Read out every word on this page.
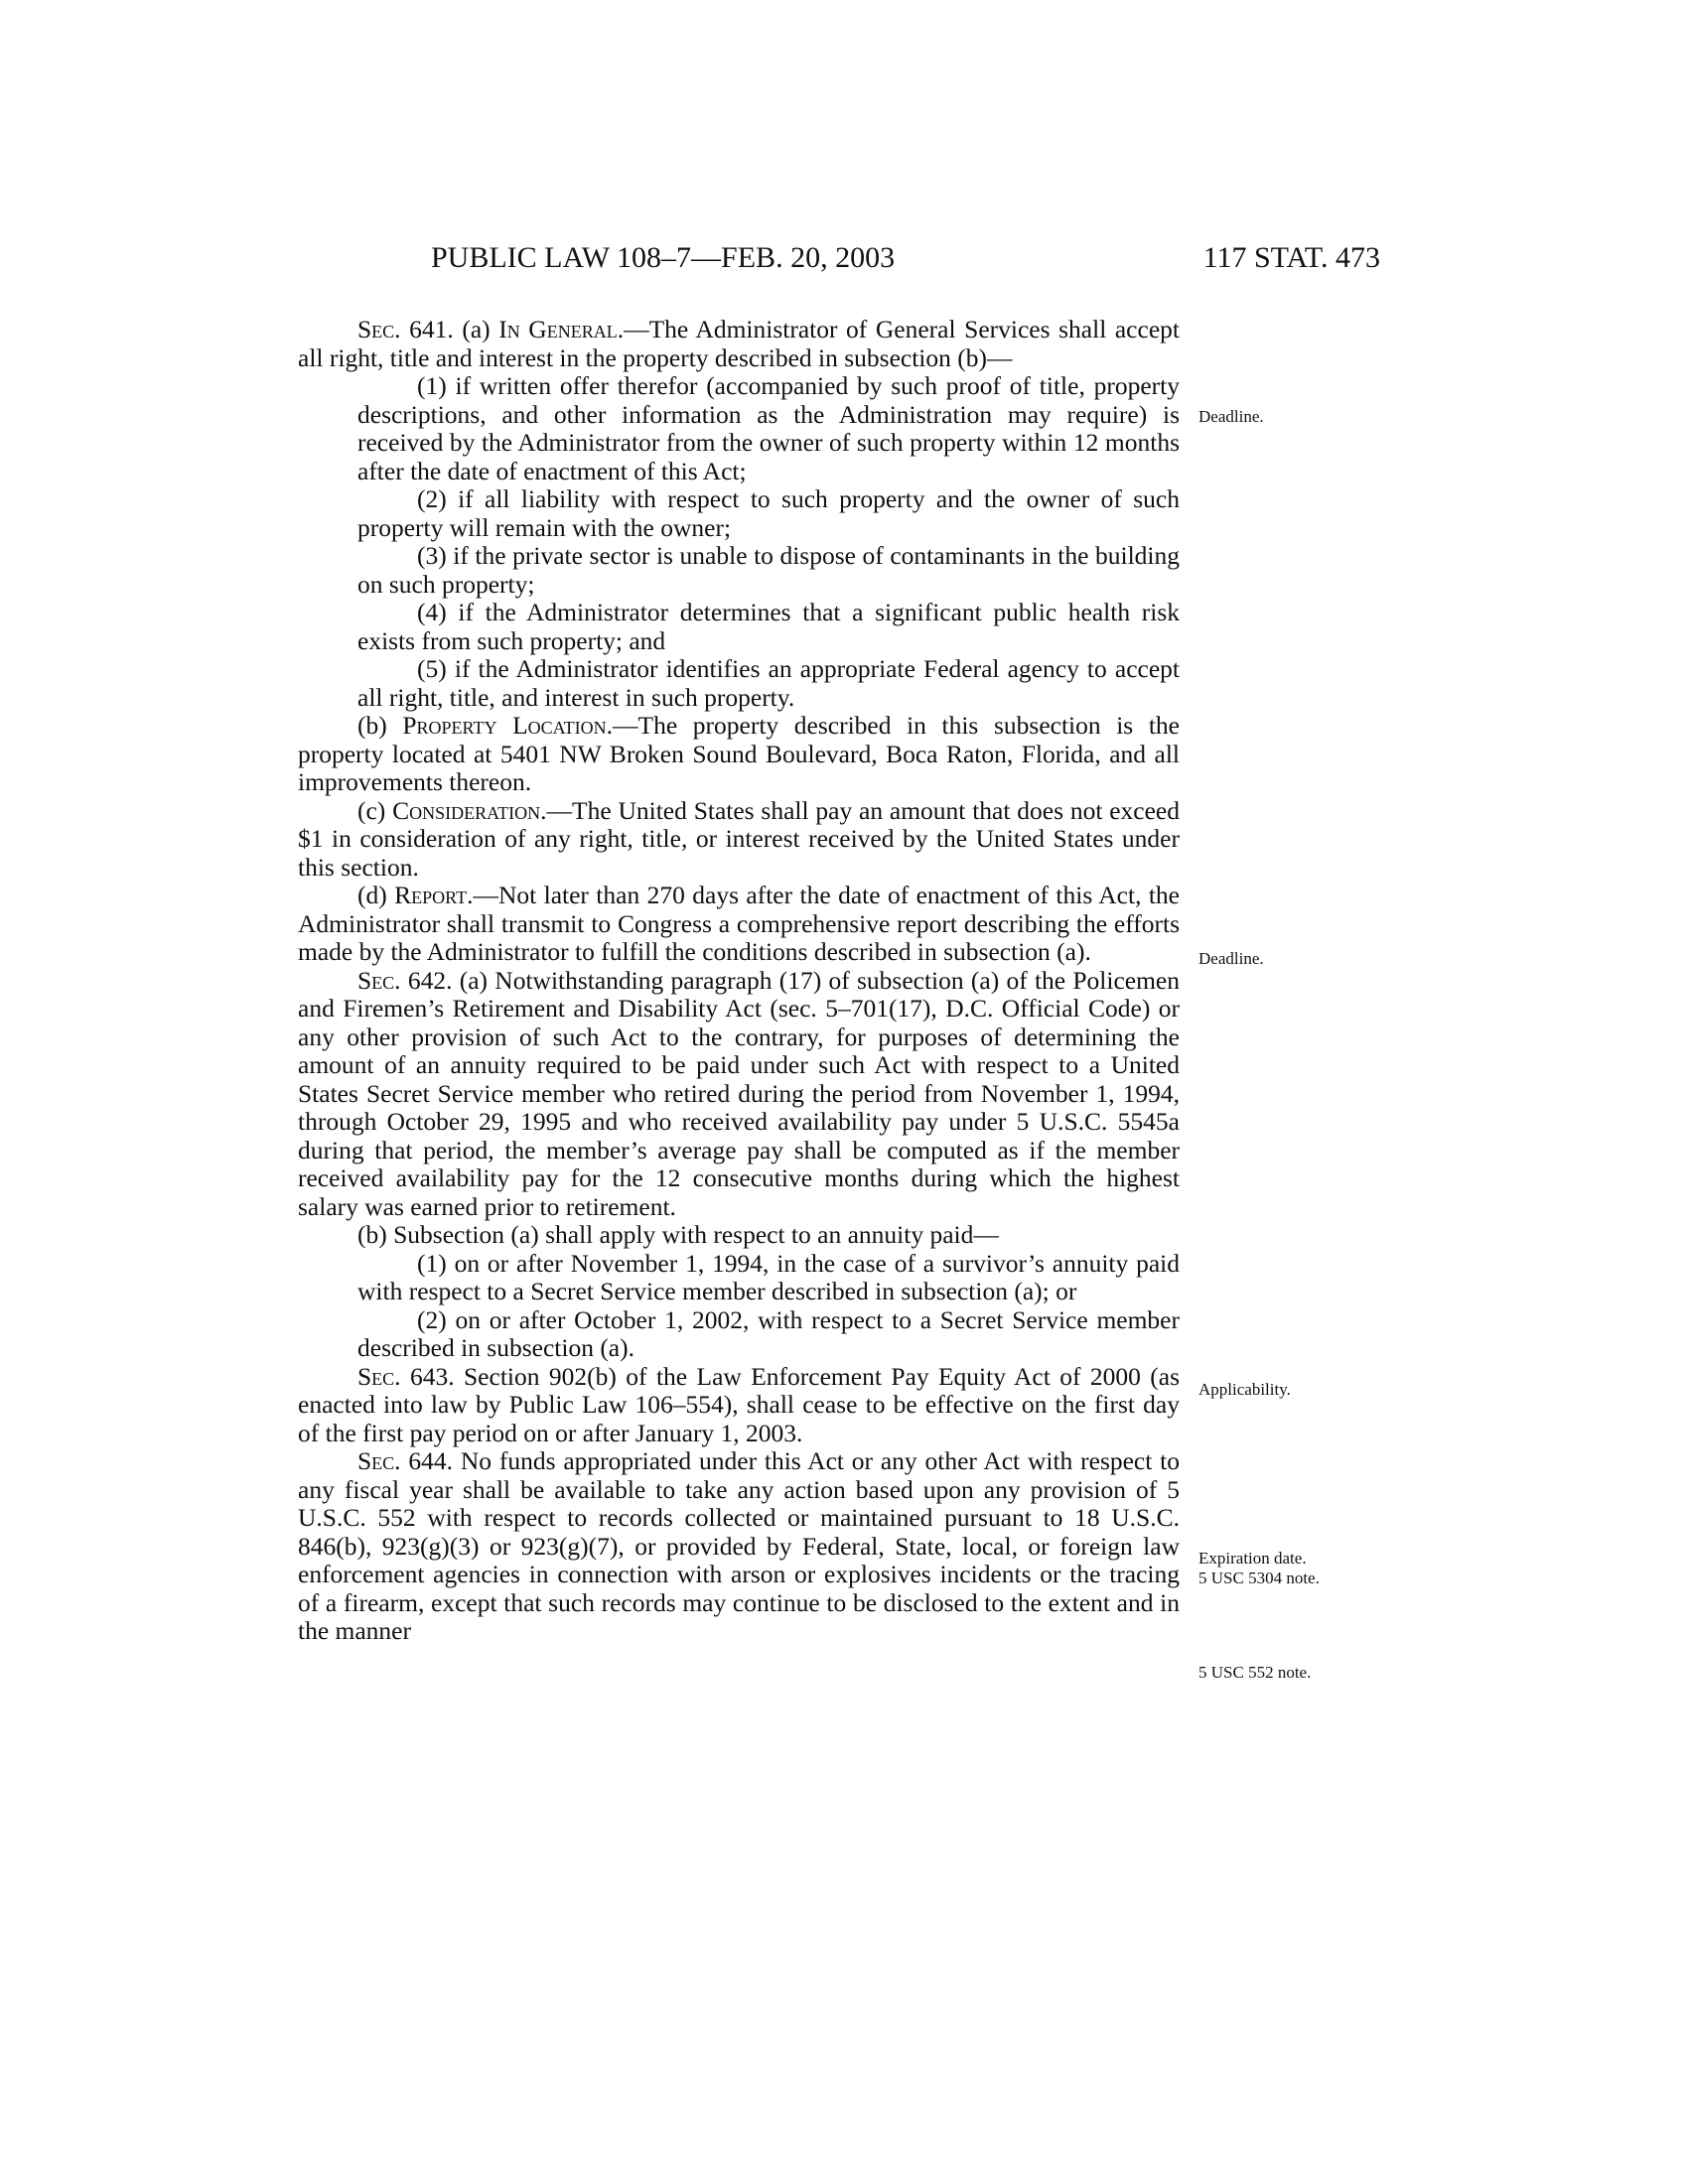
PUBLIC LAW 108–7—FEB. 20, 2003	117 STAT. 473

Sec. 641. (a) In General.—The Administrator of General Services shall accept all right, title and interest in the property described in subsection (b)—

(1) if written offer therefor (accompanied by such proof of title, property descriptions, and other information as the Administration may require) is received by the Administrator from the owner of such property within 12 months after the date of enactment of this Act;

(2) if all liability with respect to such property and the owner of such property will remain with the owner;

(3) if the private sector is unable to dispose of contaminants in the building on such property;

(4) if the Administrator determines that a significant public health risk exists from such property; and

(5) if the Administrator identifies an appropriate Federal agency to accept all right, title, and interest in such property.

(b) Property Location.—The property described in this subsection is the property located at 5401 NW Broken Sound Boulevard, Boca Raton, Florida, and all improvements thereon.

(c) Consideration.—The United States shall pay an amount that does not exceed $1 in consideration of any right, title, or interest received by the United States under this section.

(d) Report.—Not later than 270 days after the date of enactment of this Act, the Administrator shall transmit to Congress a comprehensive report describing the efforts made by the Administrator to fulfill the conditions described in subsection (a).

Sec. 642. (a) Notwithstanding paragraph (17) of subsection (a) of the Policemen and Firemen’s Retirement and Disability Act (sec. 5–701(17), D.C. Official Code) or any other provision of such Act to the contrary, for purposes of determining the amount of an annuity required to be paid under such Act with respect to a United States Secret Service member who retired during the period from November 1, 1994, through October 29, 1995 and who received availability pay under 5 U.S.C. 5545a during that period, the member’s average pay shall be computed as if the member received availability pay for the 12 consecutive months during which the highest salary was earned prior to retirement.

(b) Subsection (a) shall apply with respect to an annuity paid—

(1) on or after November 1, 1994, in the case of a survivor’s annuity paid with respect to a Secret Service member described in subsection (a); or

(2) on or after October 1, 2002, with respect to a Secret Service member described in subsection (a).

Sec. 643. Section 902(b) of the Law Enforcement Pay Equity Act of 2000 (as enacted into law by Public Law 106–554), shall cease to be effective on the first day of the first pay period on or after January 1, 2003.

Sec. 644. No funds appropriated under this Act or any other Act with respect to any fiscal year shall be available to take any action based upon any provision of 5 U.S.C. 552 with respect to records collected or maintained pursuant to 18 U.S.C. 846(b), 923(g)(3) or 923(g)(7), or provided by Federal, State, local, or foreign law enforcement agencies in connection with arson or explosives incidents or the tracing of a firearm, except that such records may continue to be disclosed to the extent and in the manner

Deadline.
Deadline.
Applicability.
Expiration date.
5 USC 5304 note.
5 USC 552 note.
